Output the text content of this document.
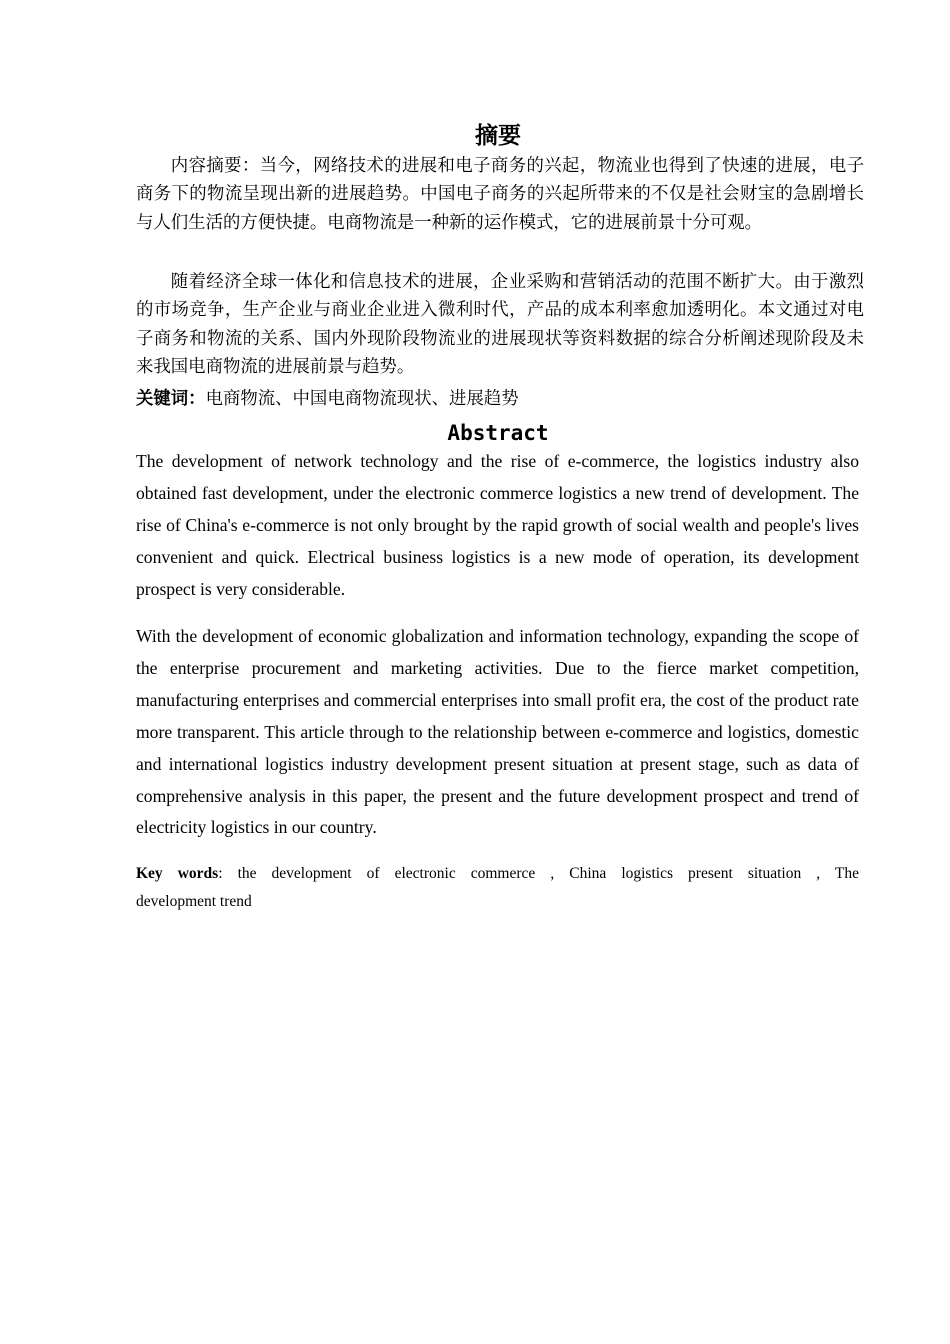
摘要
内容摘要：当今，网络技术的进展和电子商务的兴起，物流业也得到了快速的进展，电子商务下的物流呈现出新的进展趋势。中国电子商务的兴起所带来的不仅是社会财宝的急剧增长与人们生活的方便快捷。电商物流是一种新的运作模式，它的进展前景十分可观。
随着经济全球一体化和信息技术的进展，企业采购和营销活动的范围不断扩大。由于激烈的市场竞争，生产企业与商业企业进入微利时代，产品的成本利率愈加透明化。本文通过对电子商务和物流的关系、国内外现阶段物流业的进展现状等资料数据的综合分析阐述现阶段及未来我国电商物流的进展前景与趋势。
关键词：电商物流、中国电商物流现状、进展趋势
Abstract
The development of network technology and the rise of e-commerce, the logistics industry also obtained fast development, under the electronic commerce logistics a new trend of development. The rise of China's e-commerce is not only brought by the rapid growth of social wealth and people's lives convenient and quick. Electrical business logistics is a new mode of operation, its development prospect is very considerable.
With the development of economic globalization and information technology, expanding the scope of the enterprise procurement and marketing activities. Due to the fierce market competition, manufacturing enterprises and commercial enterprises into small profit era, the cost of the product rate more transparent. This article through to the relationship between e-commerce and logistics, domestic and international logistics industry development present situation at present stage, such as data of comprehensive analysis in this paper, the present and the future development prospect and trend of electricity logistics in our country.
Key words: the development of electronic commerce , China logistics present situation , The
development trend
